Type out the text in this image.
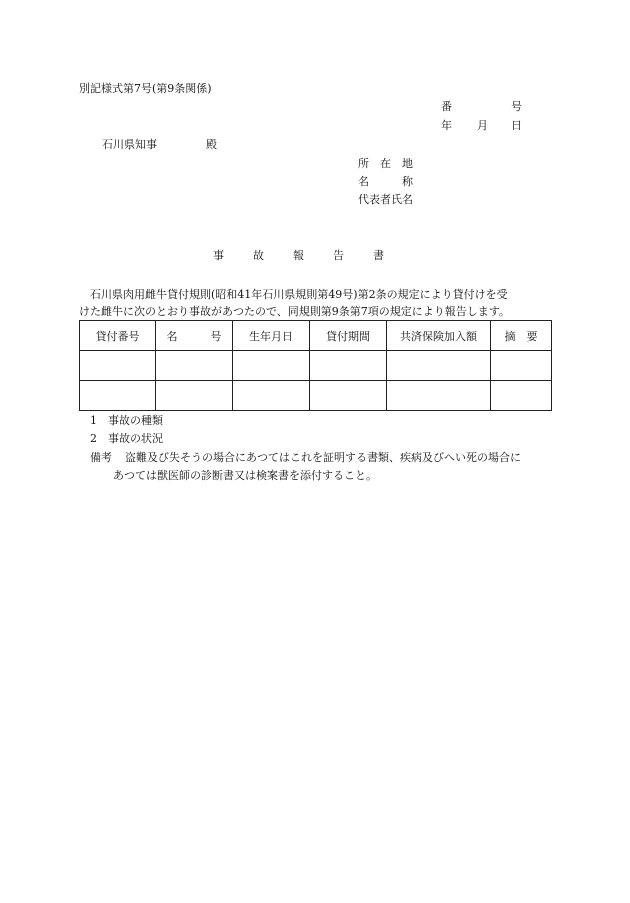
別記様式第7号(第9条関係)
番	号
年 月 日
石川県知事	殿
所　在　地
名　　　称
代表者氏名
事　故　報　告　書
石川県肉用雌牛貸付規則(昭和41年石川県規則第49号)第2条の規定により貸付けを受
けた雌牛に次のとおり事故があつたので、同規則第9条第7項の規定により報告します。
貸付番号	名　　　号	生年月日	貸付期間	共済保険加入額	摘　要

1 事故の種類
2 事故の状況
備考 盗難及び失そうの場合にあつてはこれを証明する書類、疾病及びへい死の場合に
あつては獣医師の診断書又は検案書を添付すること。
